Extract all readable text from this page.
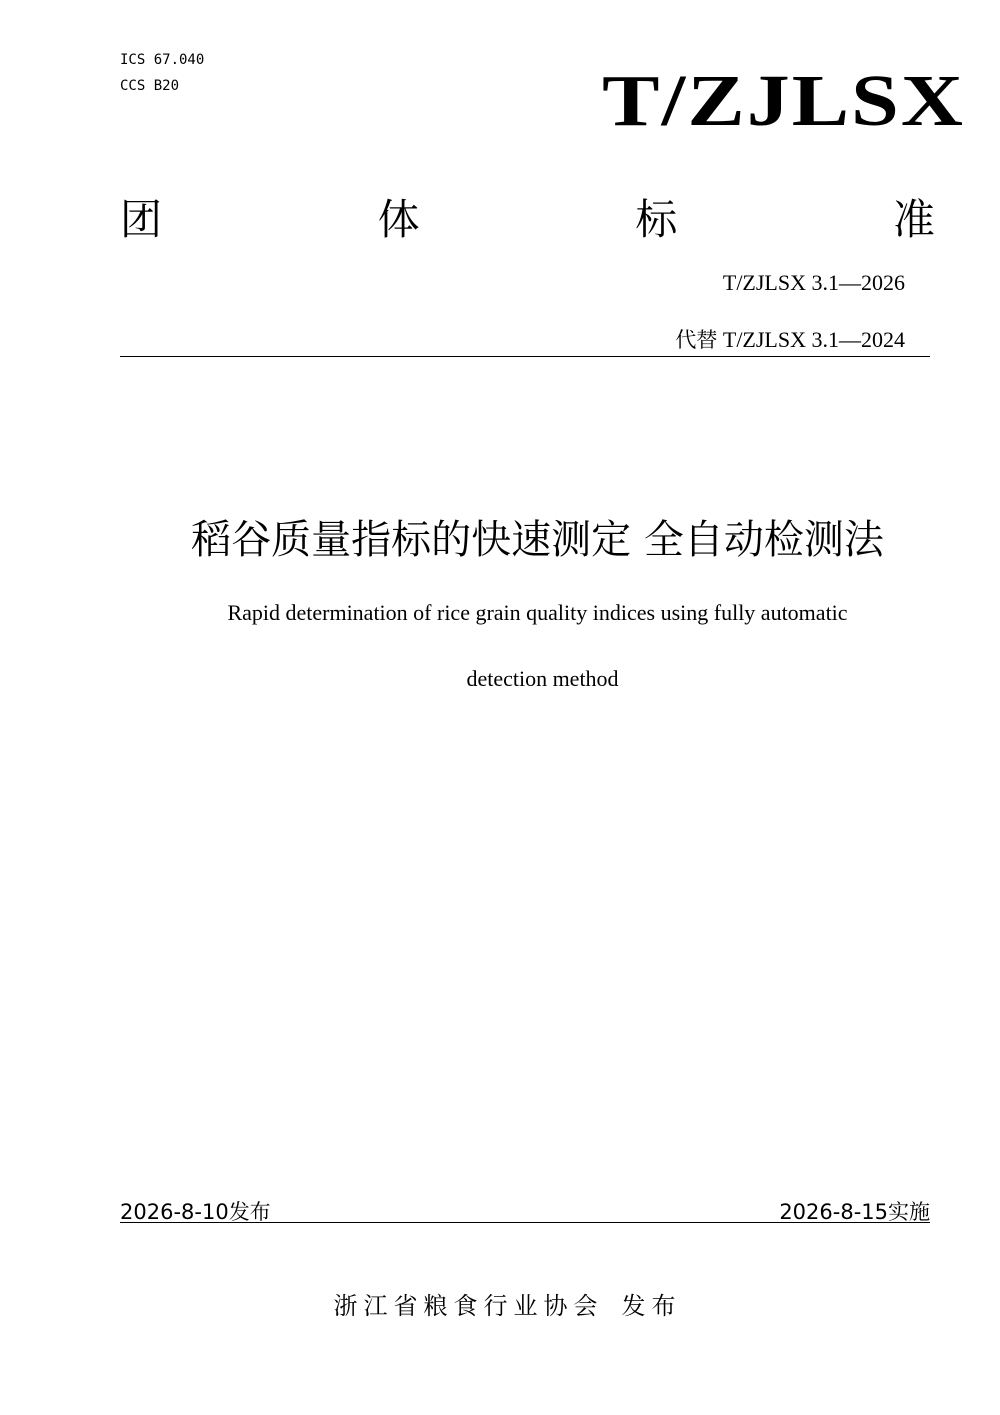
ICS 67.040
CCS B20	T/ZJLSX
团	体	标	准
T/ZJLSX 3.1—2026
代替 T/ZJLSX 3.1—2024
稻谷质量指标的快速测定 全自动检测法
Rapid determination of rice grain quality indices using fully automatic
detection method
2026-8-10发布	2026-8-15实施
浙江省粮食行业协会 发布
